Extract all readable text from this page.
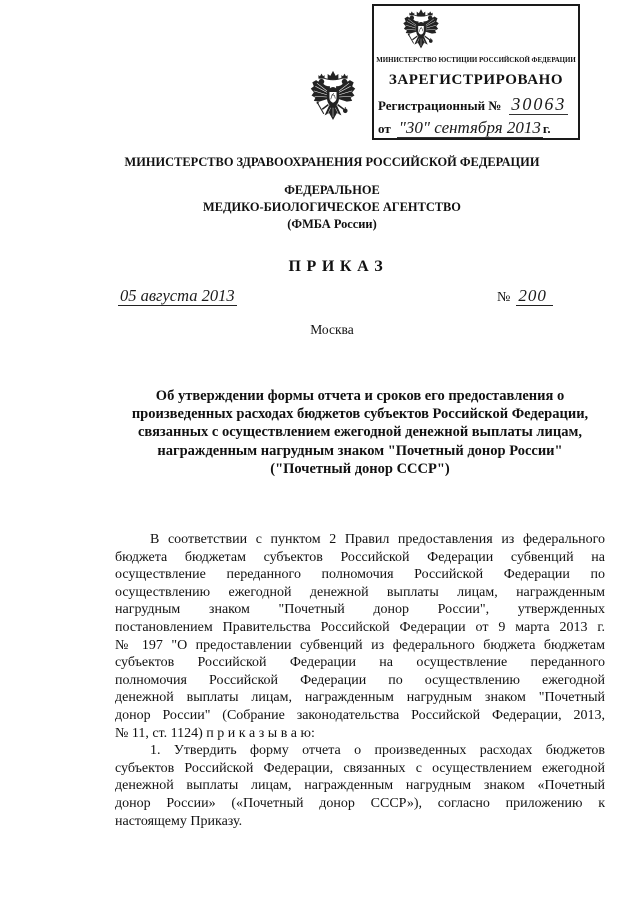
МИНИСТЕРСТВО ЮСТИЦИИ РОССИЙСКОЙ ФЕДЕРАЦИИ
ЗАРЕГИСТРИРОВАНО
Регистрационный № 30063
от "30" сентября 2013 г.
МИНИСТЕРСТВО ЗДРАВООХРАНЕНИЯ РОССИЙСКОЙ ФЕДЕРАЦИИ
ФЕДЕРАЛЬНОЕ
МЕДИКО-БИОЛОГИЧЕСКОЕ АГЕНТСТВО
(ФМБА России)
П Р И К А З
05 августа 2013	№ 200
Москва
Об утверждении формы отчета и сроков его предоставления о
произведенных расходах бюджетов субъектов Российской Федерации,
связанных с осуществлением ежегодной денежной выплаты лицам,
награжденным нагрудным знаком "Почетный донор России"
("Почетный донор СССР")
В соответствии с пунктом 2 Правил предоставления из федерального
бюджета бюджетам субъектов Российской Федерации субвенций на
осуществление переданного полномочия Российской Федерации по
осуществлению ежегодной денежной выплаты лицам, награжденным
нагрудным знаком "Почетный донор России", утвержденных
постановлением Правительства Российской Федерации от 9 марта 2013 г.
№ 197 "О предоставлении субвенций из федерального бюджета бюджетам
субъектов Российской Федерации на осуществление переданного
полномочия Российской Федерации по осуществлению ежегодной
денежной выплаты лицам, награжденным нагрудным знаком "Почетный
донор России" (Собрание законодательства Российской Федерации, 2013,
№ 11, ст. 1124) п р и к а з ы в а ю:
1. Утвердить форму отчета о произведенных расходах бюджетов
субъектов Российской Федерации, связанных с осуществлением ежегодной
денежной выплаты лицам, награжденным нагрудным знаком «Почетный
донор России» («Почетный донор СССР»), согласно приложению к
настоящему Приказу.
